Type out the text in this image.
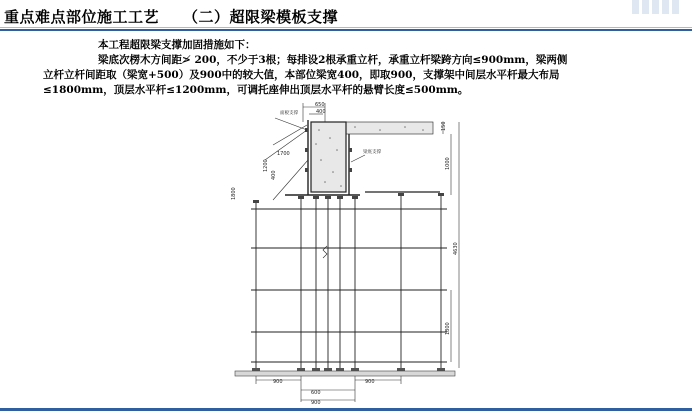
重点难点部位施工工艺 （二）超限梁模板支撑
本工程超限梁支撑加固措施如下：
梁底次楞木方间距≯ 200，不少于3根；每排设2根承重立杆，承重立杆梁跨方向≤900mm，梁两侧
立杆立杆间距取（梁宽+500）及900中的较大值，本部位梁宽400，即取900，支撑架中间层水平杆最大布局
≤1800mm，顶层水平杆≤1200mm，可调托座伸出顶层水平杆的悬臂长度≤500mm。
面板支撑
梁底支撑
650
400
150
1000
4630
1800
1700
1200
400
1800
900	900
600
900
